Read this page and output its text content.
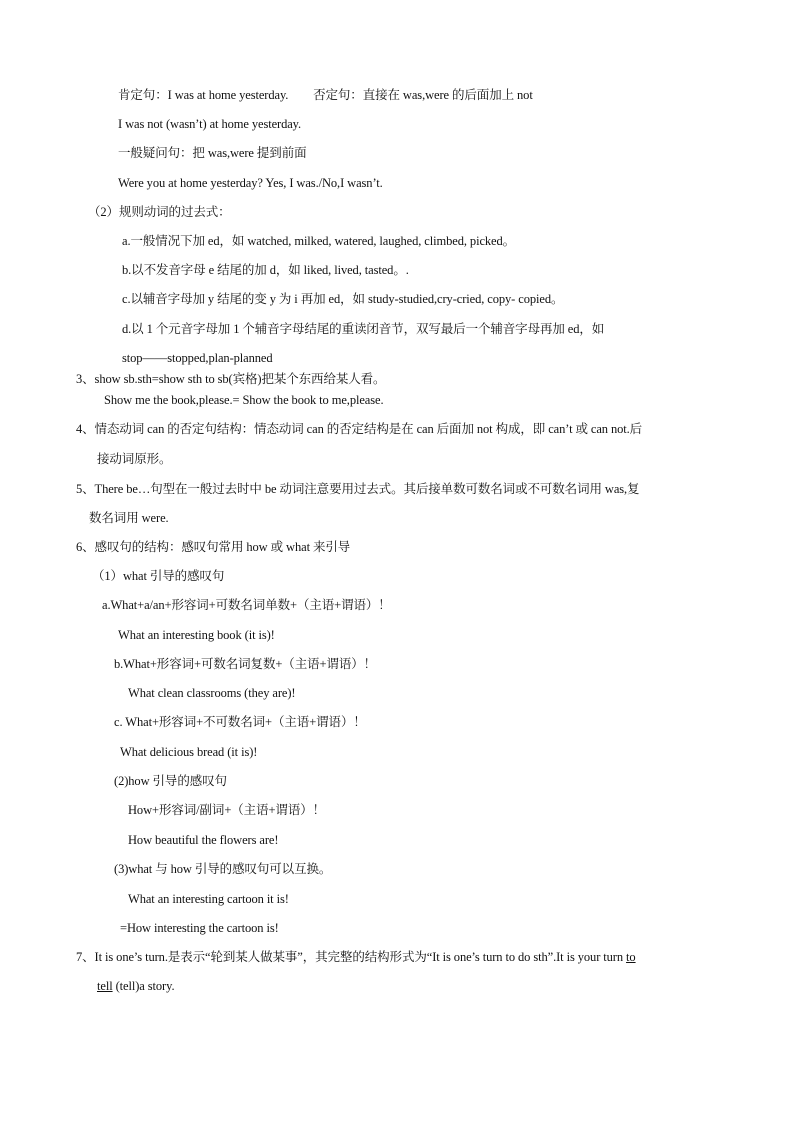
肯定句：I was at home yesterday.　　否定句：直接在 was,were 的后面加上 not
I was not (wasn’t) at home yesterday.
一般疑问句：把 was,were 提到前面
Were you at home yesterday? Yes, I was./No,I wasn’t.
（2）规则动词的过去式：
a.一般情况下加 ed，如 watched, milked, watered, laughed, climbed, picked。
b.以不发音字母 e 结尾的加 d，如 liked, lived, tasted。.
c.以辅音字母加 y 结尾的变 y 为 i 再加 ed，如 study-studied,cry-cried, copy- copied。
d.以 1 个元音字母加 1 个辅音字母结尾的重读闭音节，双写最后一个辅音字母再加 ed，如
stop——stopped,plan-planned
3、show sb.sth=show sth to sb(宾格)把某个东西给某人看。
Show me the book,please.= Show the book to me,please.
4、情态动词 can 的否定句结构：情态动词 can 的否定结构是在 can 后面加 not 构成，即 can’t 或 can not.后
接动词原形。
5、There be…句型在一般过去时中 be 动词注意要用过去式。其后接单数可数名词或不可数名词用 was,复
数名词用 were.
6、感叹句的结构：感叹句常用 how 或 what 来引导
（1）what 引导的感叹句
a.What+a/an+形容词+可数名词单数+（主语+谓语）！
What an interesting book (it is)!
b.What+形容词+可数名词复数+（主语+谓语）！
What clean classrooms (they are)!
c. What+形容词+不可数名词+（主语+谓语）！
What delicious bread (it is)!
(2)how 引导的感叹句
How+形容词/副词+（主语+谓语）！
How beautiful the flowers are!
(3)what 与 how 引导的感叹句可以互换。
What an interesting cartoon it is!
=How interesting the cartoon is!
7、It is one’s turn.是表示“轮到某人做某事”，其完整的结构形式为“It is one’s turn to do sth”.It is your turn to
tell (tell)a story.
